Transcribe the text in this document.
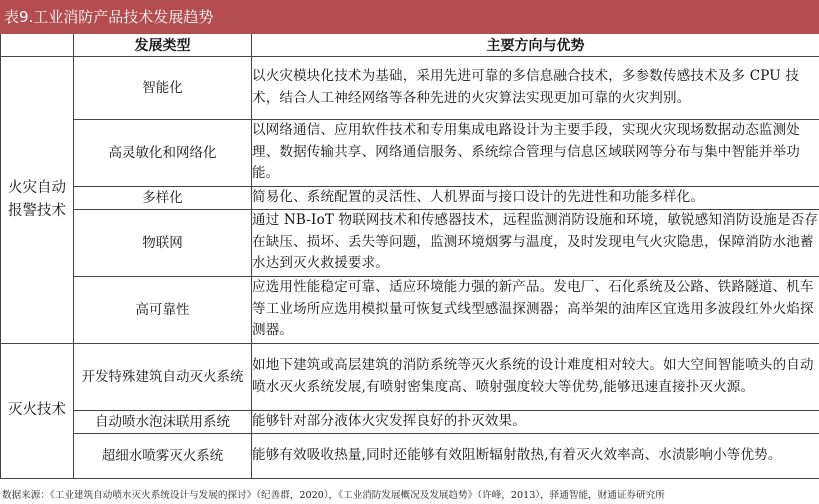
表9.工业消防产品技术发展趋势
	发展类型	主要方向与优势

火灾自动报警技术	智能化	以火灾模块化技术为基础，采用先进可靠的多信息融合技术，多参数传感技术及多 CPU 技术，结合人工神经网络等各种先进的火灾算法实现更加可靠的火灾判别。
	高灵敏化和网络化	以网络通信、应用软件技术和专用集成电路设计为主要手段，实现火灾现场数据动态监测处理、数据传输共享、网络通信服务、系统综合管理与信息区域联网等分布与集中智能并举功能。
	多样化	简易化、系统配置的灵活性、人机界面与接口设计的先进性和功能多样化。
	物联网	通过 NB-IoT 物联网技术和传感器技术，远程监测消防设施和环境，敏锐感知消防设施是否存在缺压、损坏、丢失等问题，监测环境烟雾与温度，及时发现电气火灾隐患，保障消防水池蓄水达到灭火救援要求。
	高可靠性	应选用性能稳定可靠、适应环境能力强的新产品。发电厂、石化系统及公路、铁路隧道、机车等工业场所应选用模拟量可恢复式线型感温探测器；高举架的油库区宜选用多波段红外火焰探测器。
灭火技术	开发特殊建筑自动灭火系统	如地下建筑或高层建筑的消防系统等灭火系统的设计难度相对较大。如大空间智能喷头的自动喷水灭火系统发展,有喷射密集度高、喷射强度较大等优势,能够迅速直接扑灭火源。
	自动喷水泡沫联用系统	能够针对部分液体火灾发挥良好的扑灭效果。
	超细水喷雾灭火系统	能够有效吸收热量,同时还能够有效阻断辐射散热,有着灭火效率高、水渍影响小等优势。
数据来源：《工业建筑自动喷水灭火系统设计与发展的探讨》（纪善群，2020），《工业消防发展概况及发展趋势》（许峰，2013），驿通智能，财通证券研究所
